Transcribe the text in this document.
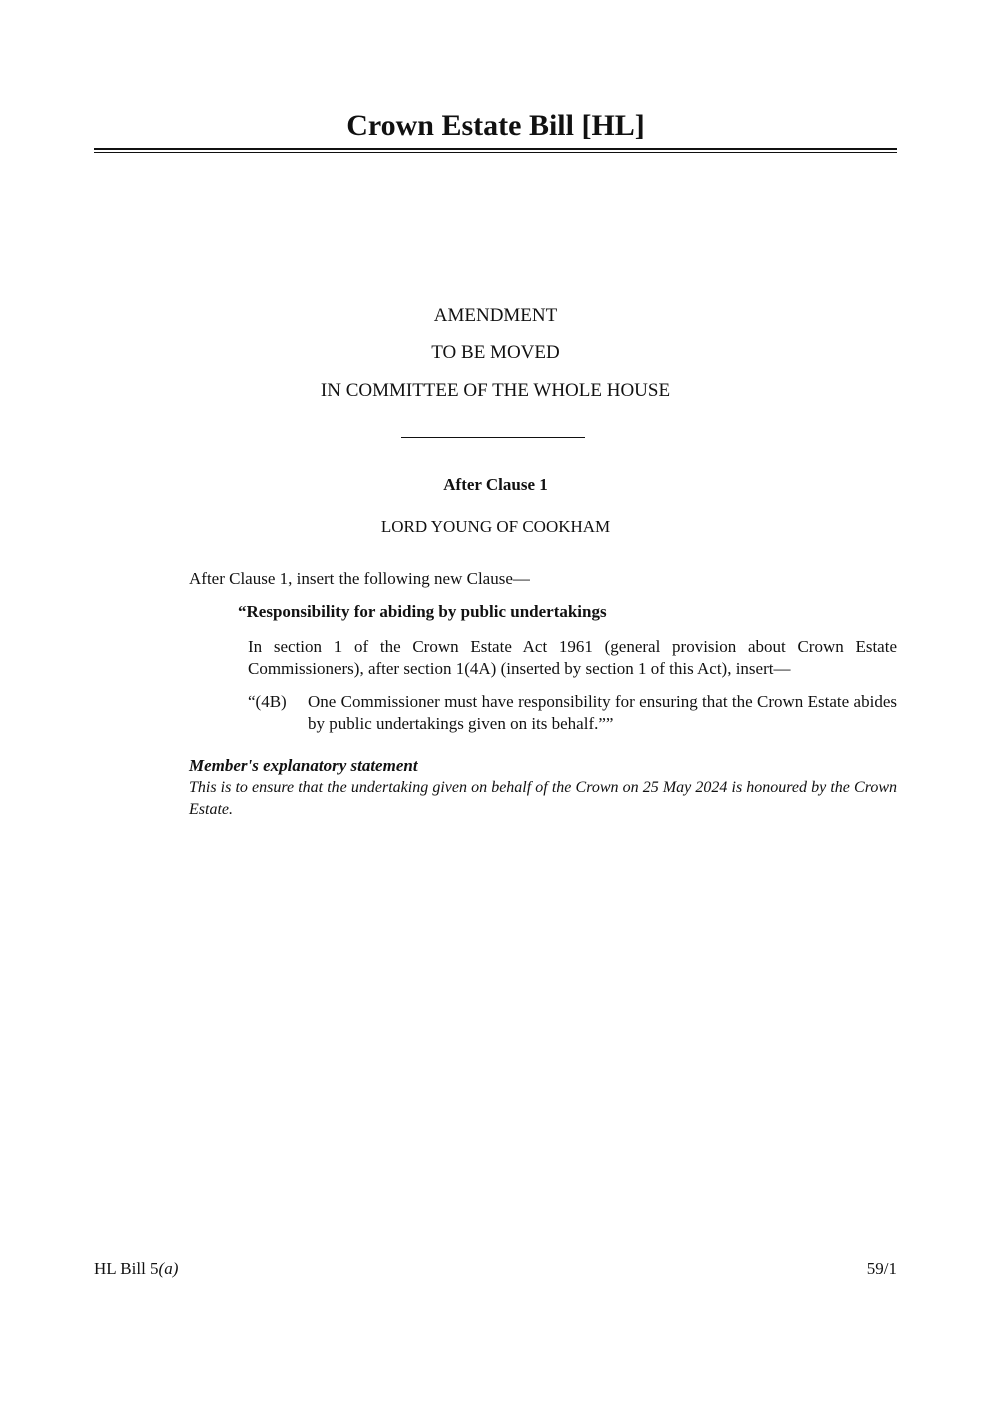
Crown Estate Bill [HL]
AMENDMENT
TO BE MOVED
IN COMMITTEE OF THE WHOLE HOUSE
After Clause 1
LORD YOUNG OF COOKHAM
After Clause 1, insert the following new Clause—
“Responsibility for abiding by public undertakings
In section 1 of the Crown Estate Act 1961 (general provision about Crown Estate Commissioners), after section 1(4A) (inserted by section 1 of this Act), insert—
“(4B) One Commissioner must have responsibility for ensuring that the Crown Estate abides by public undertakings given on its behalf.””
Member's explanatory statement
This is to ensure that the undertaking given on behalf of the Crown on 25 May 2024 is honoured by the Crown Estate.
HL Bill 5(a)	59/1
